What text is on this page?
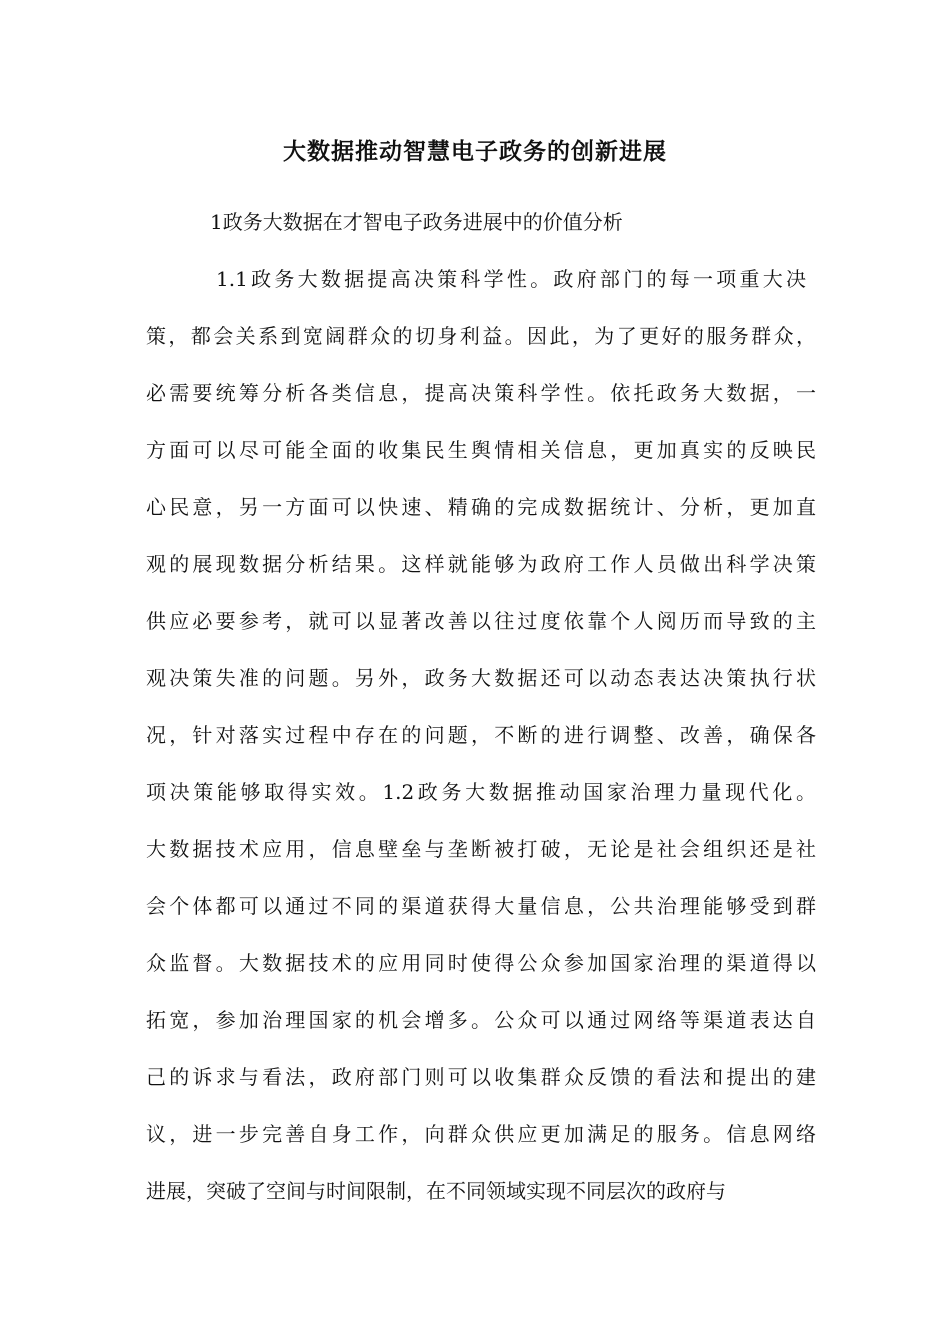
大数据推动智慧电子政务的创新进展
1政务大数据在才智电子政务进展中的价值分析
1.1政务大数据提高决策科学性。政府部门的每一项重大决
策，都会关系到宽阔群众的切身利益。因此，为了更好的服务群众，
必需要统筹分析各类信息，提高决策科学性。依托政务大数据，一
方面可以尽可能全面的收集民生舆情相关信息，更加真实的反映民
心民意，另一方面可以快速、精确的完成数据统计、分析，更加直
观的展现数据分析结果。这样就能够为政府工作人员做出科学决策
供应必要参考，就可以显著改善以往过度依靠个人阅历而导致的主
观决策失准的问题。另外，政务大数据还可以动态表达决策执行状
况，针对落实过程中存在的问题，不断的进行调整、改善，确保各
项决策能够取得实效。1.2政务大数据推动国家治理力量现代化。
大数据技术应用，信息壁垒与垄断被打破，无论是社会组织还是社
会个体都可以通过不同的渠道获得大量信息，公共治理能够受到群
众监督。大数据技术的应用同时使得公众参加国家治理的渠道得以
拓宽，参加治理国家的机会增多。公众可以通过网络等渠道表达自
己的诉求与看法，政府部门则可以收集群众反馈的看法和提出的建
议，进一步完善自身工作，向群众供应更加满足的服务。信息网络
进展，突破了空间与时间限制，在不同领域实现不同层次的政府与
